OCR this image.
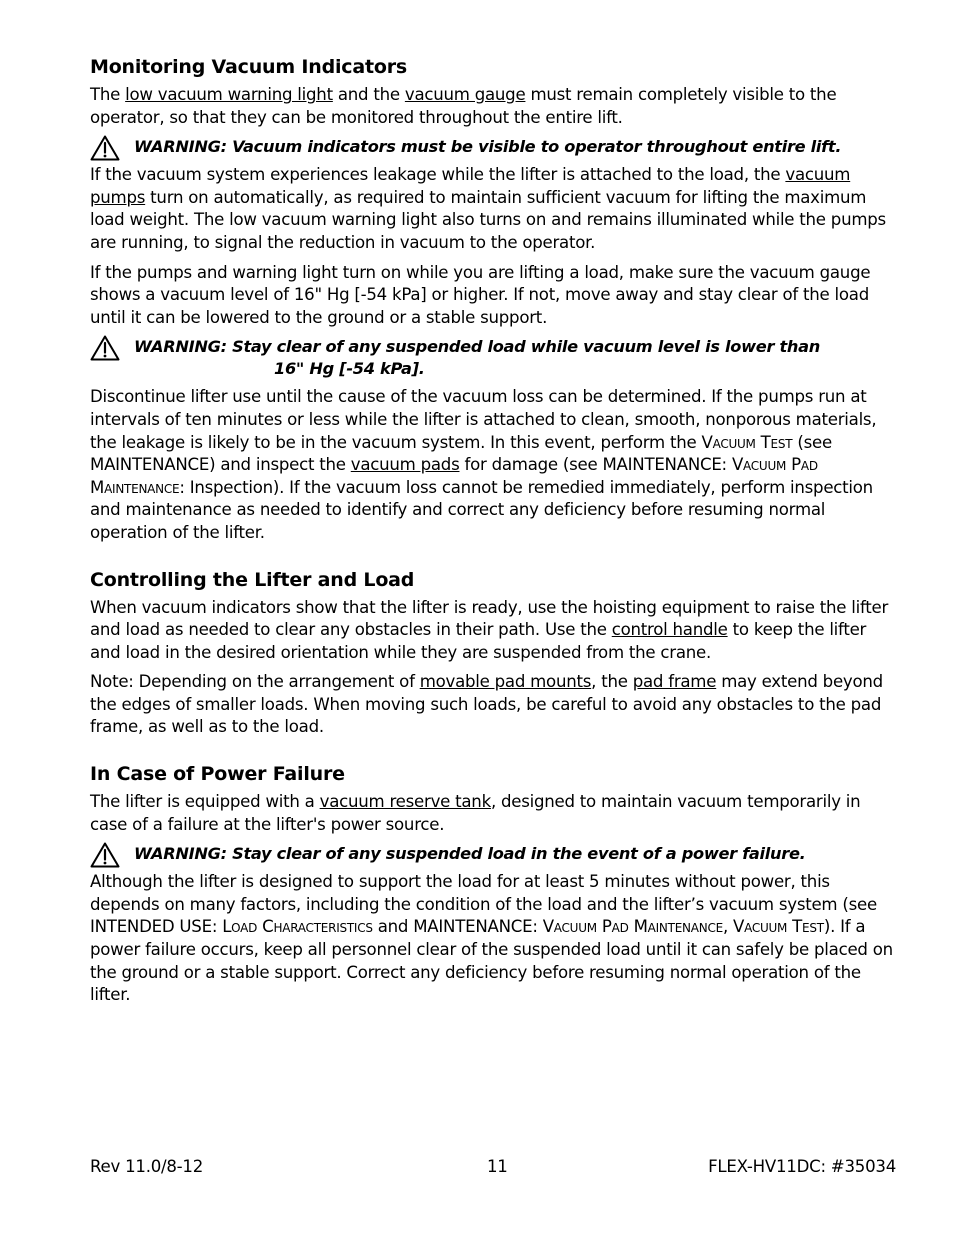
Monitoring Vacuum Indicators

The low vacuum warning light and the vacuum gauge must remain completely visible to the operator, so that they can be monitored throughout the entire lift.

WARNING: Vacuum indicators must be visible to operator throughout entire lift.

If the vacuum system experiences leakage while the lifter is attached to the load, the vacuum pumps turn on automatically, as required to maintain sufficient vacuum for lifting the maximum load weight. The low vacuum warning light also turns on and remains illuminated while the pumps are running, to signal the reduction in vacuum to the operator.

If the pumps and warning light turn on while you are lifting a load, make sure the vacuum gauge shows a vacuum level of 16" Hg [-54 kPa] or higher. If not, move away and stay clear of the load until it can be lowered to the ground or a stable support.

WARNING: Stay clear of any suspended load while vacuum level is lower than
16" Hg [-54 kPa].

Discontinue lifter use until the cause of the vacuum loss can be determined. If the pumps run at intervals of ten minutes or less while the lifter is attached to clean, smooth, nonporous materials, the leakage is likely to be in the vacuum system. In this event, perform the Vacuum Test (see MAINTENANCE) and inspect the vacuum pads for damage (see MAINTENANCE: Vacuum Pad Maintenance: Inspection). If the vacuum loss cannot be remedied immediately, perform inspection and maintenance as needed to identify and correct any deficiency before resuming normal operation of the lifter.

Controlling the Lifter and Load

When vacuum indicators show that the lifter is ready, use the hoisting equipment to raise the lifter and load as needed to clear any obstacles in their path. Use the control handle to keep the lifter and load in the desired orientation while they are suspended from the crane.

Note: Depending on the arrangement of movable pad mounts, the pad frame may extend beyond the edges of smaller loads. When moving such loads, be careful to avoid any obstacles to the pad frame, as well as to the load.

In Case of Power Failure

The lifter is equipped with a vacuum reserve tank, designed to maintain vacuum temporarily in case of a failure at the lifter's power source.

WARNING: Stay clear of any suspended load in the event of a power failure.

Although the lifter is designed to support the load for at least 5 minutes without power, this depends on many factors, including the condition of the load and the lifter’s vacuum system (see INTENDED USE: Load Characteristics and MAINTENANCE: Vacuum Pad Maintenance, Vacuum Test). If a power failure occurs, keep all personnel clear of the suspended load until it can safely be placed on the ground or a stable support. Correct any deficiency before resuming normal operation of the lifter.

Rev 11.0/8-12	11	FLEX-HV11DC: #35034
